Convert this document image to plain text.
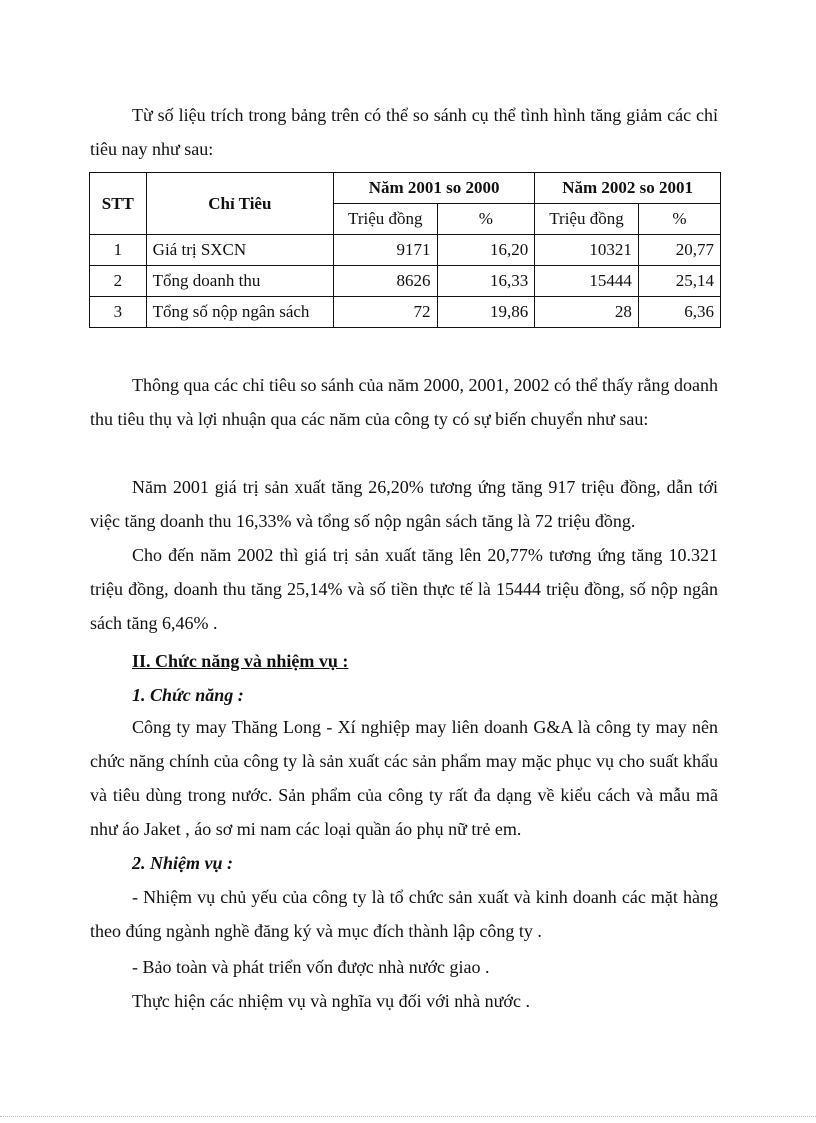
Từ số liệu trích trong bảng trên có thể so sánh cụ thể tình hình tăng giảm các chỉ tiêu nay như sau:

STT	Chỉ Tiêu	Năm 2001 so 2000		Năm 2002 so 2001	
		Triệu đồng	%	Triệu đồng	%
1	Giá trị SXCN	9171	16,20	10321	20,77
2	Tổng doanh thu	8626	16,33	15444	25,14
3	Tổng số nộp ngân sách	72	19,86	28	6,36

Thông qua các chỉ tiêu so sánh của năm 2000, 2001, 2002 có thể thấy rằng doanh thu tiêu thụ và lợi nhuận qua các năm của công ty có sự biến chuyển như sau:

Năm 2001 giá trị sản xuất tăng 26,20% tương ứng tăng 917 triệu đồng, dẫn tới việc tăng doanh thu 16,33% và tổng số nộp ngân sách tăng là 72 triệu đồng.

Cho đến năm 2002 thì giá trị sản xuất tăng lên 20,77% tương ứng tăng 10.321 triệu đồng, doanh thu tăng 25,14% và số tiền thực tế là 15444 triệu đồng, số nộp ngân sách tăng 6,46% .

II. Chức năng và nhiệm vụ :
1. Chức năng :

Công ty may Thăng Long - Xí nghiệp may liên doanh G&A là công ty may nên chức năng chính của công ty là sản xuất các sản phẩm may mặc phục vụ cho suất khẩu và tiêu dùng trong nước. Sản phẩm của công ty rất đa dạng về kiểu cách và mẫu mã như áo Jaket , áo sơ mi nam các loại quần áo phụ nữ trẻ em.

2. Nhiệm vụ :

- Nhiệm vụ chủ yếu của công ty là tổ chức sản xuất và kinh doanh các mặt hàng theo đúng ngành nghề đăng ký và mục đích thành lập công ty .

- Bảo toàn và phát triển vốn được nhà nước giao .

Thực hiện các nhiệm vụ và nghĩa vụ đối với nhà nước .
